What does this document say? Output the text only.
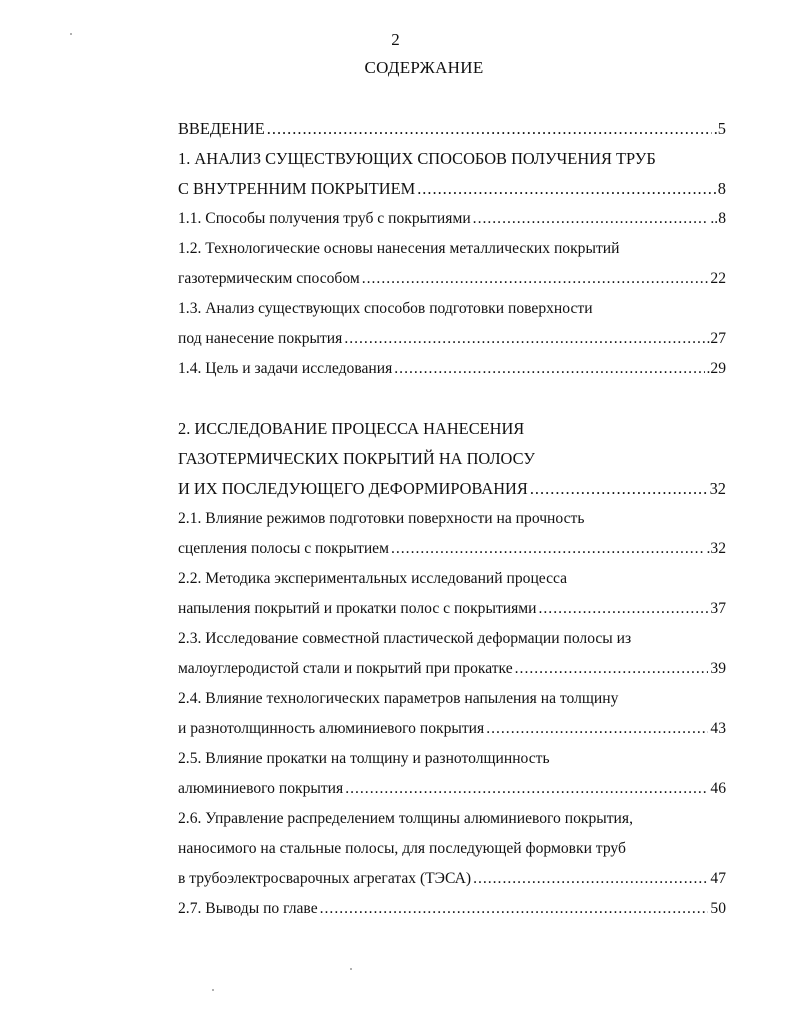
2
СОДЕРЖАНИЕ
ВВЕДЕНИЕ .....	.5
1. АНАЛИЗ СУЩЕСТВУЮЩИХ СПОСОБОВ ПОЛУЧЕНИЯ ТРУБ
С ВНУТРЕННИМ ПОКРЫТИЕМ .....	8
1.1. Способы получения труб с покрытиями .....	..8
1.2. Технологические основы нанесения металлических покрытий
газотермическим способом .....	22
1.3. Анализ существующих способов подготовки поверхности
под нанесение покрытия .....	.27
1.4. Цель и задачи исследования .....	.29
2. ИССЛЕДОВАНИЕ ПРОЦЕССА НАНЕСЕНИЯ
ГАЗОТЕРМИЧЕСКИХ ПОКРЫТИЙ НА ПОЛОСУ
И ИХ ПОСЛЕДУЮЩЕГО ДЕФОРМИРОВАНИЯ .....	32
2.1. Влияние режимов подготовки поверхности на прочность
сцепления полосы с покрытием .....	.32
2.2. Методика экспериментальных исследований процесса
напыления покрытий и прокатки полос с покрытиями .....	37
2.3. Исследование совместной пластической деформации полосы из
малоуглеродистой стали и покрытий при прокатке .....	39
2.4. Влияние технологических параметров напыления на толщину
и разнотолщинность алюминиевого покрытия .....	43
2.5. Влияние прокатки на толщину и разнотолщинность
алюминиевого покрытия .....	46
2.6. Управление распределением толщины алюминиевого покрытия,
наносимого на стальные полосы, для последующей формовки труб
в трубоэлектросварочных агрегатах (ТЭСА) .....	47
2.7. Выводы по главе .....	50
